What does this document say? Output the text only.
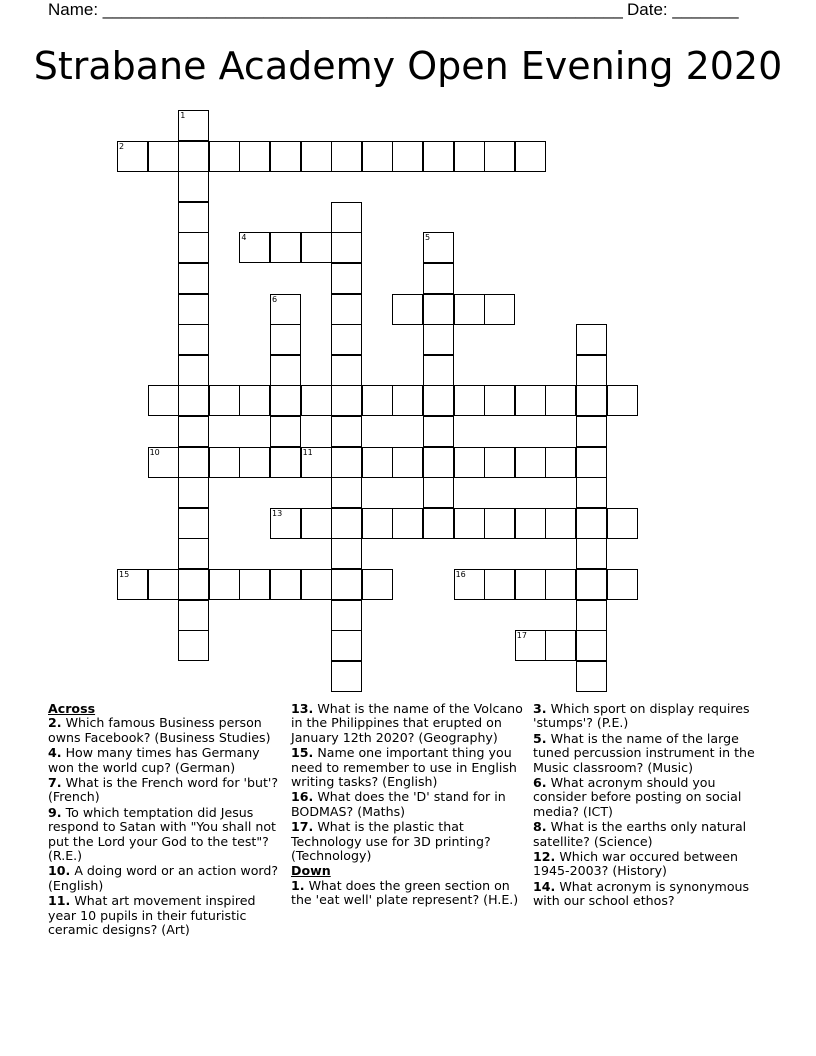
Name: _______________________________________________________ Date: _______
Strabane Academy Open Evening 2020
1
2
4	5
6
10	11
13
15	16
17
Across
2. Which famous Business person owns Facebook? (Business Studies)
4. How many times has Germany won the world cup? (German)
7. What is the French word for 'but'? (French)
9. To which temptation did Jesus respond to Satan with "You shall not put the Lord your God to the test"? (R.E.)
10. A doing word or an action word? (English)
11. What art movement inspired year 10 pupils in their futuristic ceramic designs? (Art)
13. What is the name of the Volcano in the Philippines that erupted on January 12th 2020? (Geography)
15. Name one important thing you need to remember to use in English writing tasks? (English)
16. What does the 'D' stand for in BODMAS? (Maths)
17. What is the plastic that Technology use for 3D printing? (Technology)
Down
1. What does the green section on the 'eat well' plate represent? (H.E.)
3. Which sport on display requires 'stumps'? (P.E.)
5. What is the name of the large tuned percussion instrument in the Music classroom? (Music)
6. What acronym should you consider before posting on social media? (ICT)
8. What is the earths only natural satellite? (Science)
12. Which war occured between 1945-2003? (History)
14. What acronym is synonymous with our school ethos?
